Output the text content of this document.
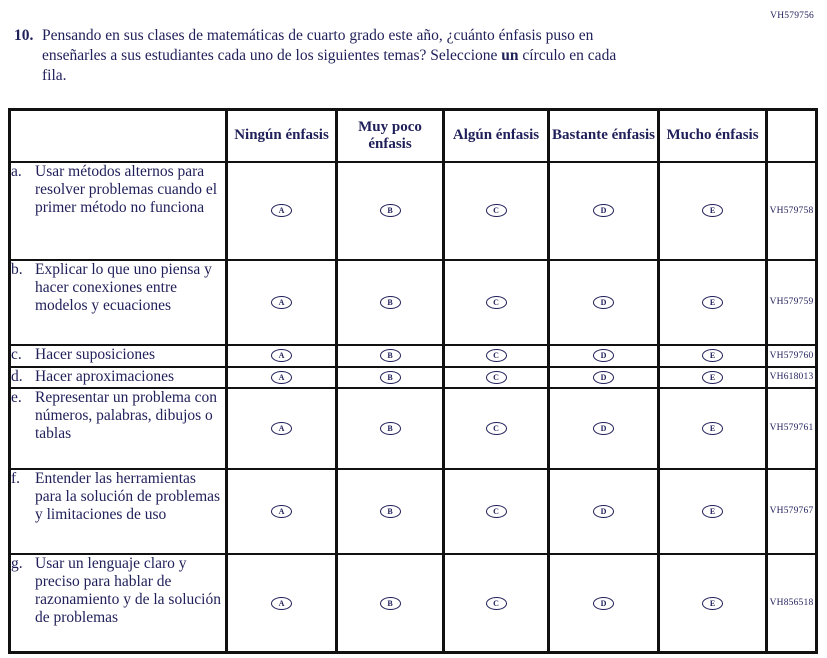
VH579756
10. Pensando en sus clases de matemáticas de cuarto grado este año, ¿cuánto énfasis puso en enseñarles a sus estudiantes cada uno de los siguientes temas? Seleccione un círculo en cada fila.
	Ningún énfasis	Muy poco énfasis	Algún énfasis	Bastante énfasis	Mucho énfasis	

a. Usar métodos alternos para resolver problemas cuando el primer método no funciona	A	B	C	D	E	VH579758

b. Explicar lo que uno piensa y hacer conexiones entre modelos y ecuaciones	A	B	C	D	E	VH579759

c. Hacer suposiciones	A	B	C	D	E	VH579760

d. Hacer aproximaciones	A	B	C	D	E	VH618013

e. Representar un problema con números, palabras, dibujos o tablas	A	B	C	D	E	VH579761

f. Entender las herramientas para la solución de problemas y limitaciones de uso	A	B	C	D	E	VH579767

g. Usar un lenguaje claro y preciso para hablar de razonamiento y de la solución de problemas	A	B	C	D	E	VH856518
